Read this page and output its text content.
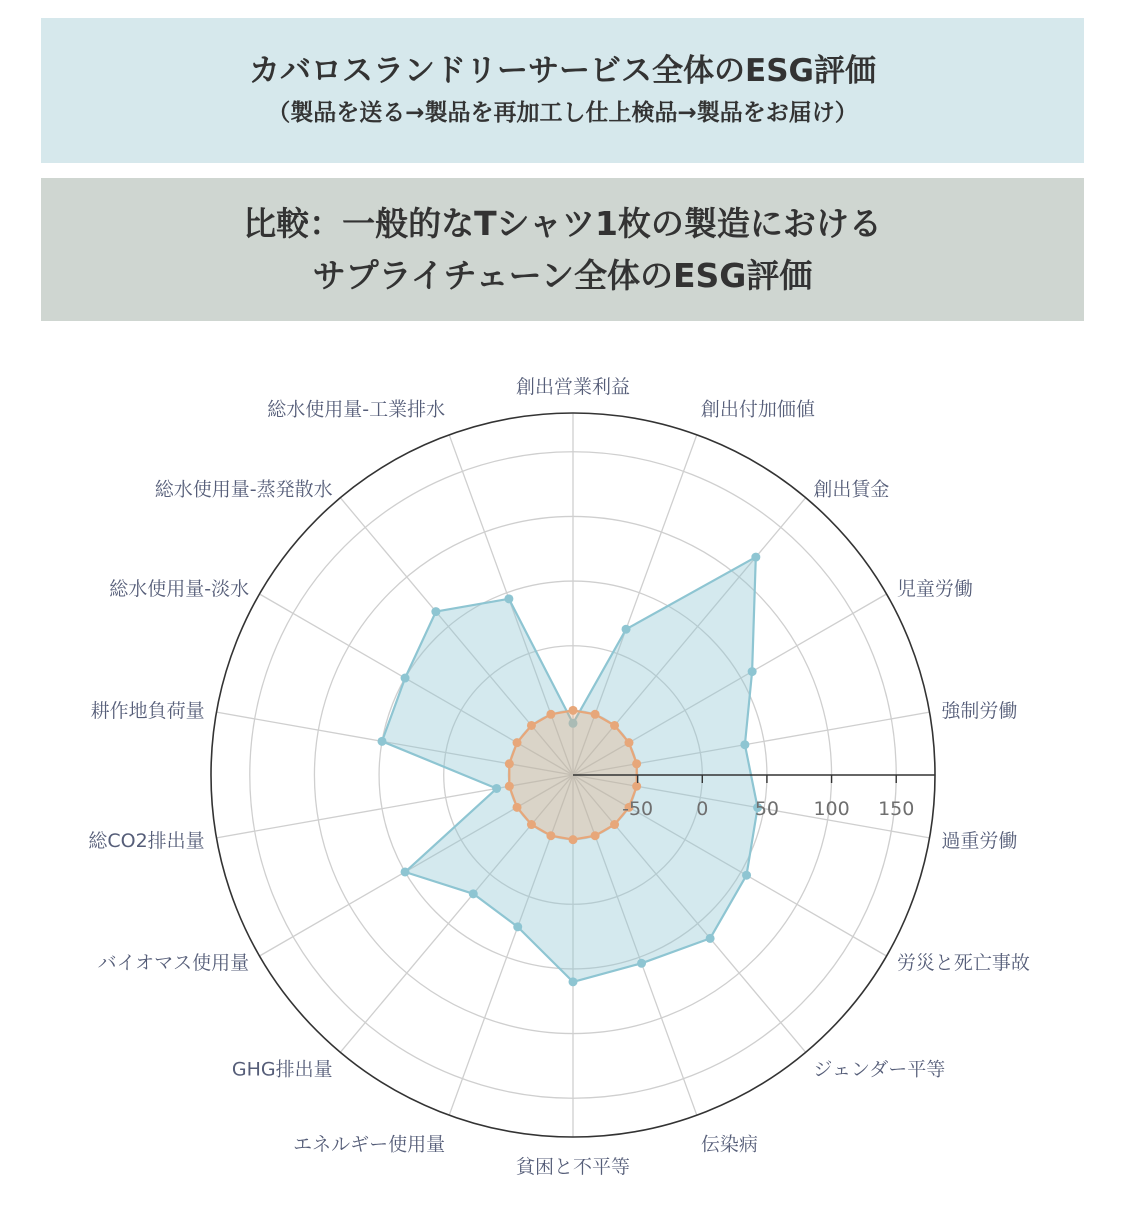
カバロスランドリーサービス全体のESG評価
（製品を送る→製品を再加工し仕上検品→製品をお届け）
比較：一般的なTシャツ1枚の製造における
サプライチェーン全体のESG評価
-50 0 50 100 150
創出営業利益
創出付加価値
創出賃金
児童労働
強制労働
過重労働
労災と死亡事故
ジェンダー平等
伝染病
貧困と不平等
エネルギー使用量
GHG排出量
バイオマス使用量
総CO2排出量
耕作地負荷量
総水使用量-淡水
総水使用量-蒸発散水
総水使用量-工業排水
